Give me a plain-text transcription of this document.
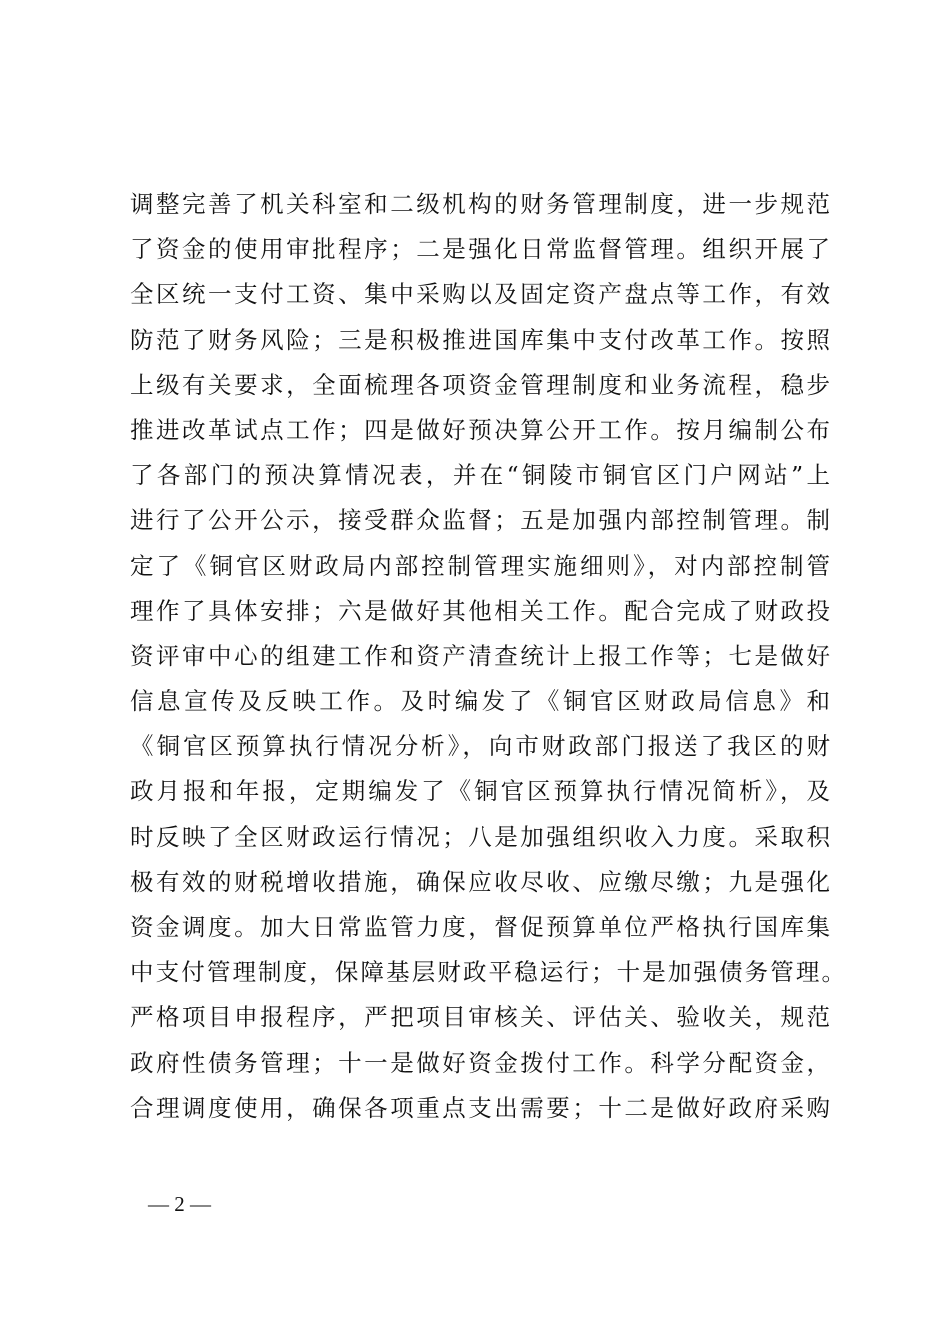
调整完善了机关科室和二级机构的财务管理制度，进一步规范
了资金的使用审批程序；二是强化日常监督管理。组织开展了
全区统一支付工资、集中采购以及固定资产盘点等工作，有效
防范了财务风险；三是积极推进国库集中支付改革工作。按照
上级有关要求，全面梳理各项资金管理制度和业务流程，稳步
推进改革试点工作；四是做好预决算公开工作。按月编制公布
了各部门的预决算情况表，并在“铜陵市铜官区门户网站”上
进行了公开公示，接受群众监督；五是加强内部控制管理。制
定了《铜官区财政局内部控制管理实施细则》，对内部控制管
理作了具体安排；六是做好其他相关工作。配合完成了财政投
资评审中心的组建工作和资产清查统计上报工作等；七是做好
信息宣传及反映工作。及时编发了《铜官区财政局信息》和
《铜官区预算执行情况分析》，向市财政部门报送了我区的财
政月报和年报，定期编发了《铜官区预算执行情况简析》，及
时反映了全区财政运行情况；八是加强组织收入力度。采取积
极有效的财税增收措施，确保应收尽收、应缴尽缴；九是强化
资金调度。加大日常监管力度，督促预算单位严格执行国库集
中支付管理制度，保障基层财政平稳运行；十是加强债务管理。
严格项目申报程序，严把项目审核关、评估关、验收关，规范
政府性债务管理；十一是做好资金拨付工作。科学分配资金，
合理调度使用，确保各项重点支出需要；十二是做好政府采购
— 2 —
